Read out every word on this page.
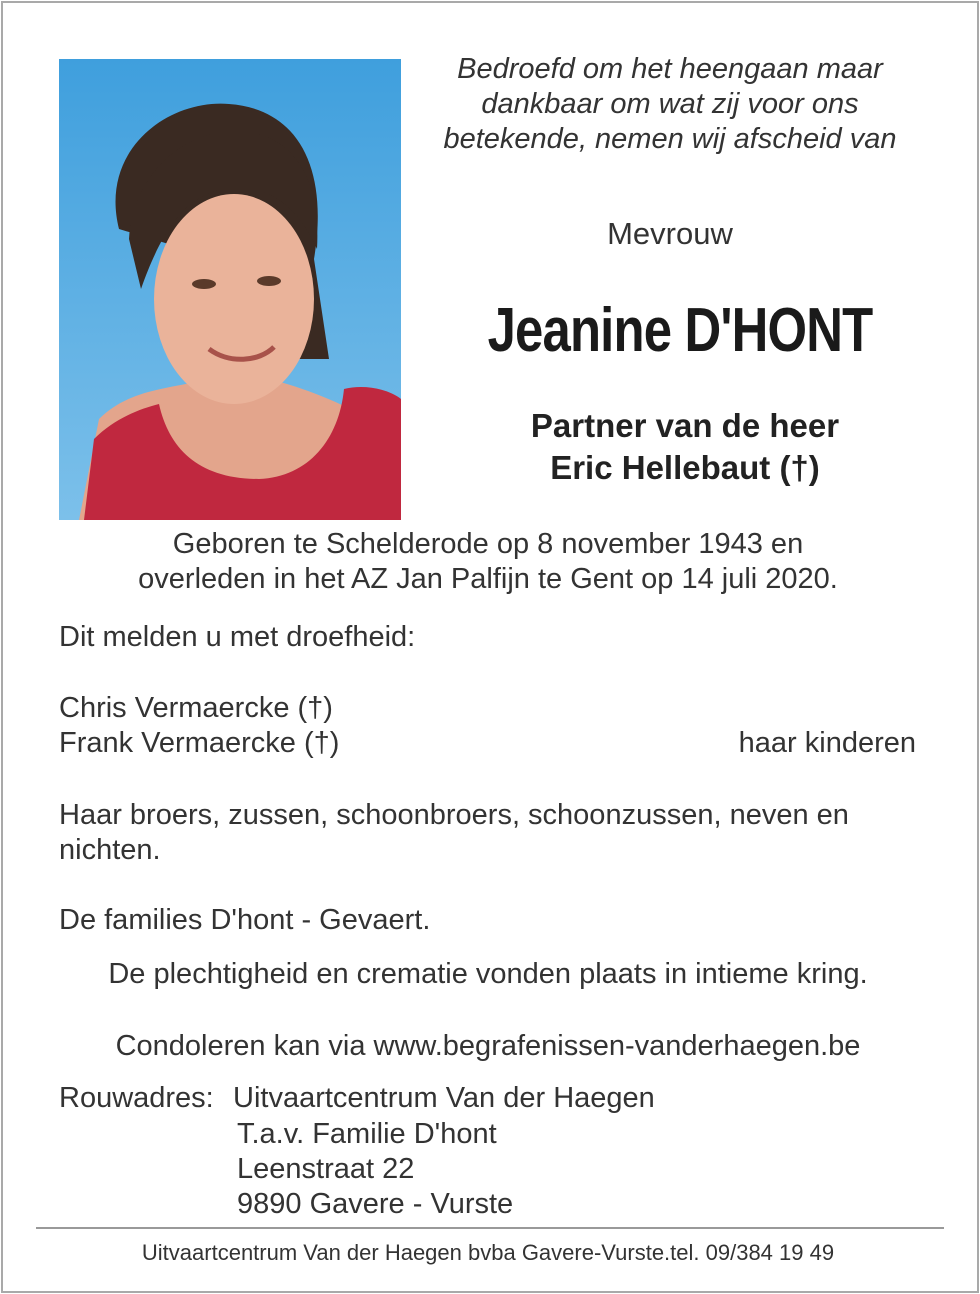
Bedroefd om het heengaan maar
dankbaar om wat zij voor ons
betekende, nemen wij afscheid van
Mevrouw
Jeanine D'HONT
Partner van de heer
Eric Hellebaut (†)
Geboren te Schelderode op 8 november 1943 en
overleden in het AZ Jan Palfijn te Gent op 14 juli 2020.
Dit melden u met droefheid:
Chris Vermaercke (†)
Frank Vermaercke (†)	haar kinderen
Haar broers, zussen, schoonbroers, schoonzussen, neven en
nichten.
De families D'hont - Gevaert.
De plechtigheid en crematie vonden plaats in intieme kring.
Condoleren kan via www.begrafenissen-vanderhaegen.be
Rouwadres: Uitvaartcentrum Van der Haegen
T.a.v. Familie D'hont
Leenstraat 22
9890 Gavere - Vurste
Uitvaartcentrum Van der Haegen bvba Gavere-Vurste.tel. 09/384 19 49
